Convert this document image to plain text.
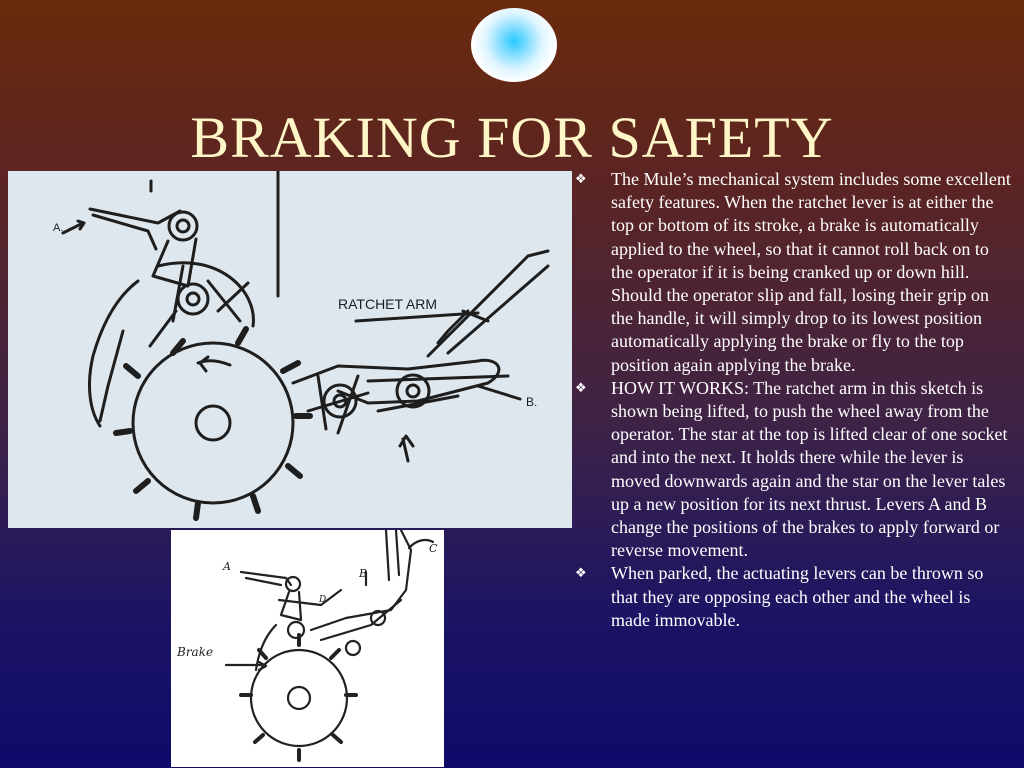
BRAKING FOR SAFETY
A.
RATCHET ARM
B.
A
B
C
D
Brake
❖ The Mule’s mechanical system includes some excellent safety features. When the ratchet lever is at either the top or bottom of its stroke, a brake is automatically applied to the wheel, so that it cannot roll back on to the operator if it is being cranked up or down hill. Should the operator slip and fall, losing their grip on the handle, it will simply drop to its lowest position automatically applying the brake or fly to the top position again applying the brake.
❖ HOW IT WORKS: The ratchet arm in this sketch is shown being lifted, to push the wheel away from the operator. The star at the top is lifted clear of one socket and into the next. It holds there while the lever is moved downwards again and the star on the lever tales up a new position for its next thrust. Levers A and B change the positions of the brakes to apply forward or reverse movement.
❖ When parked, the actuating levers can be thrown so that they are opposing each other and the wheel is made immovable.
